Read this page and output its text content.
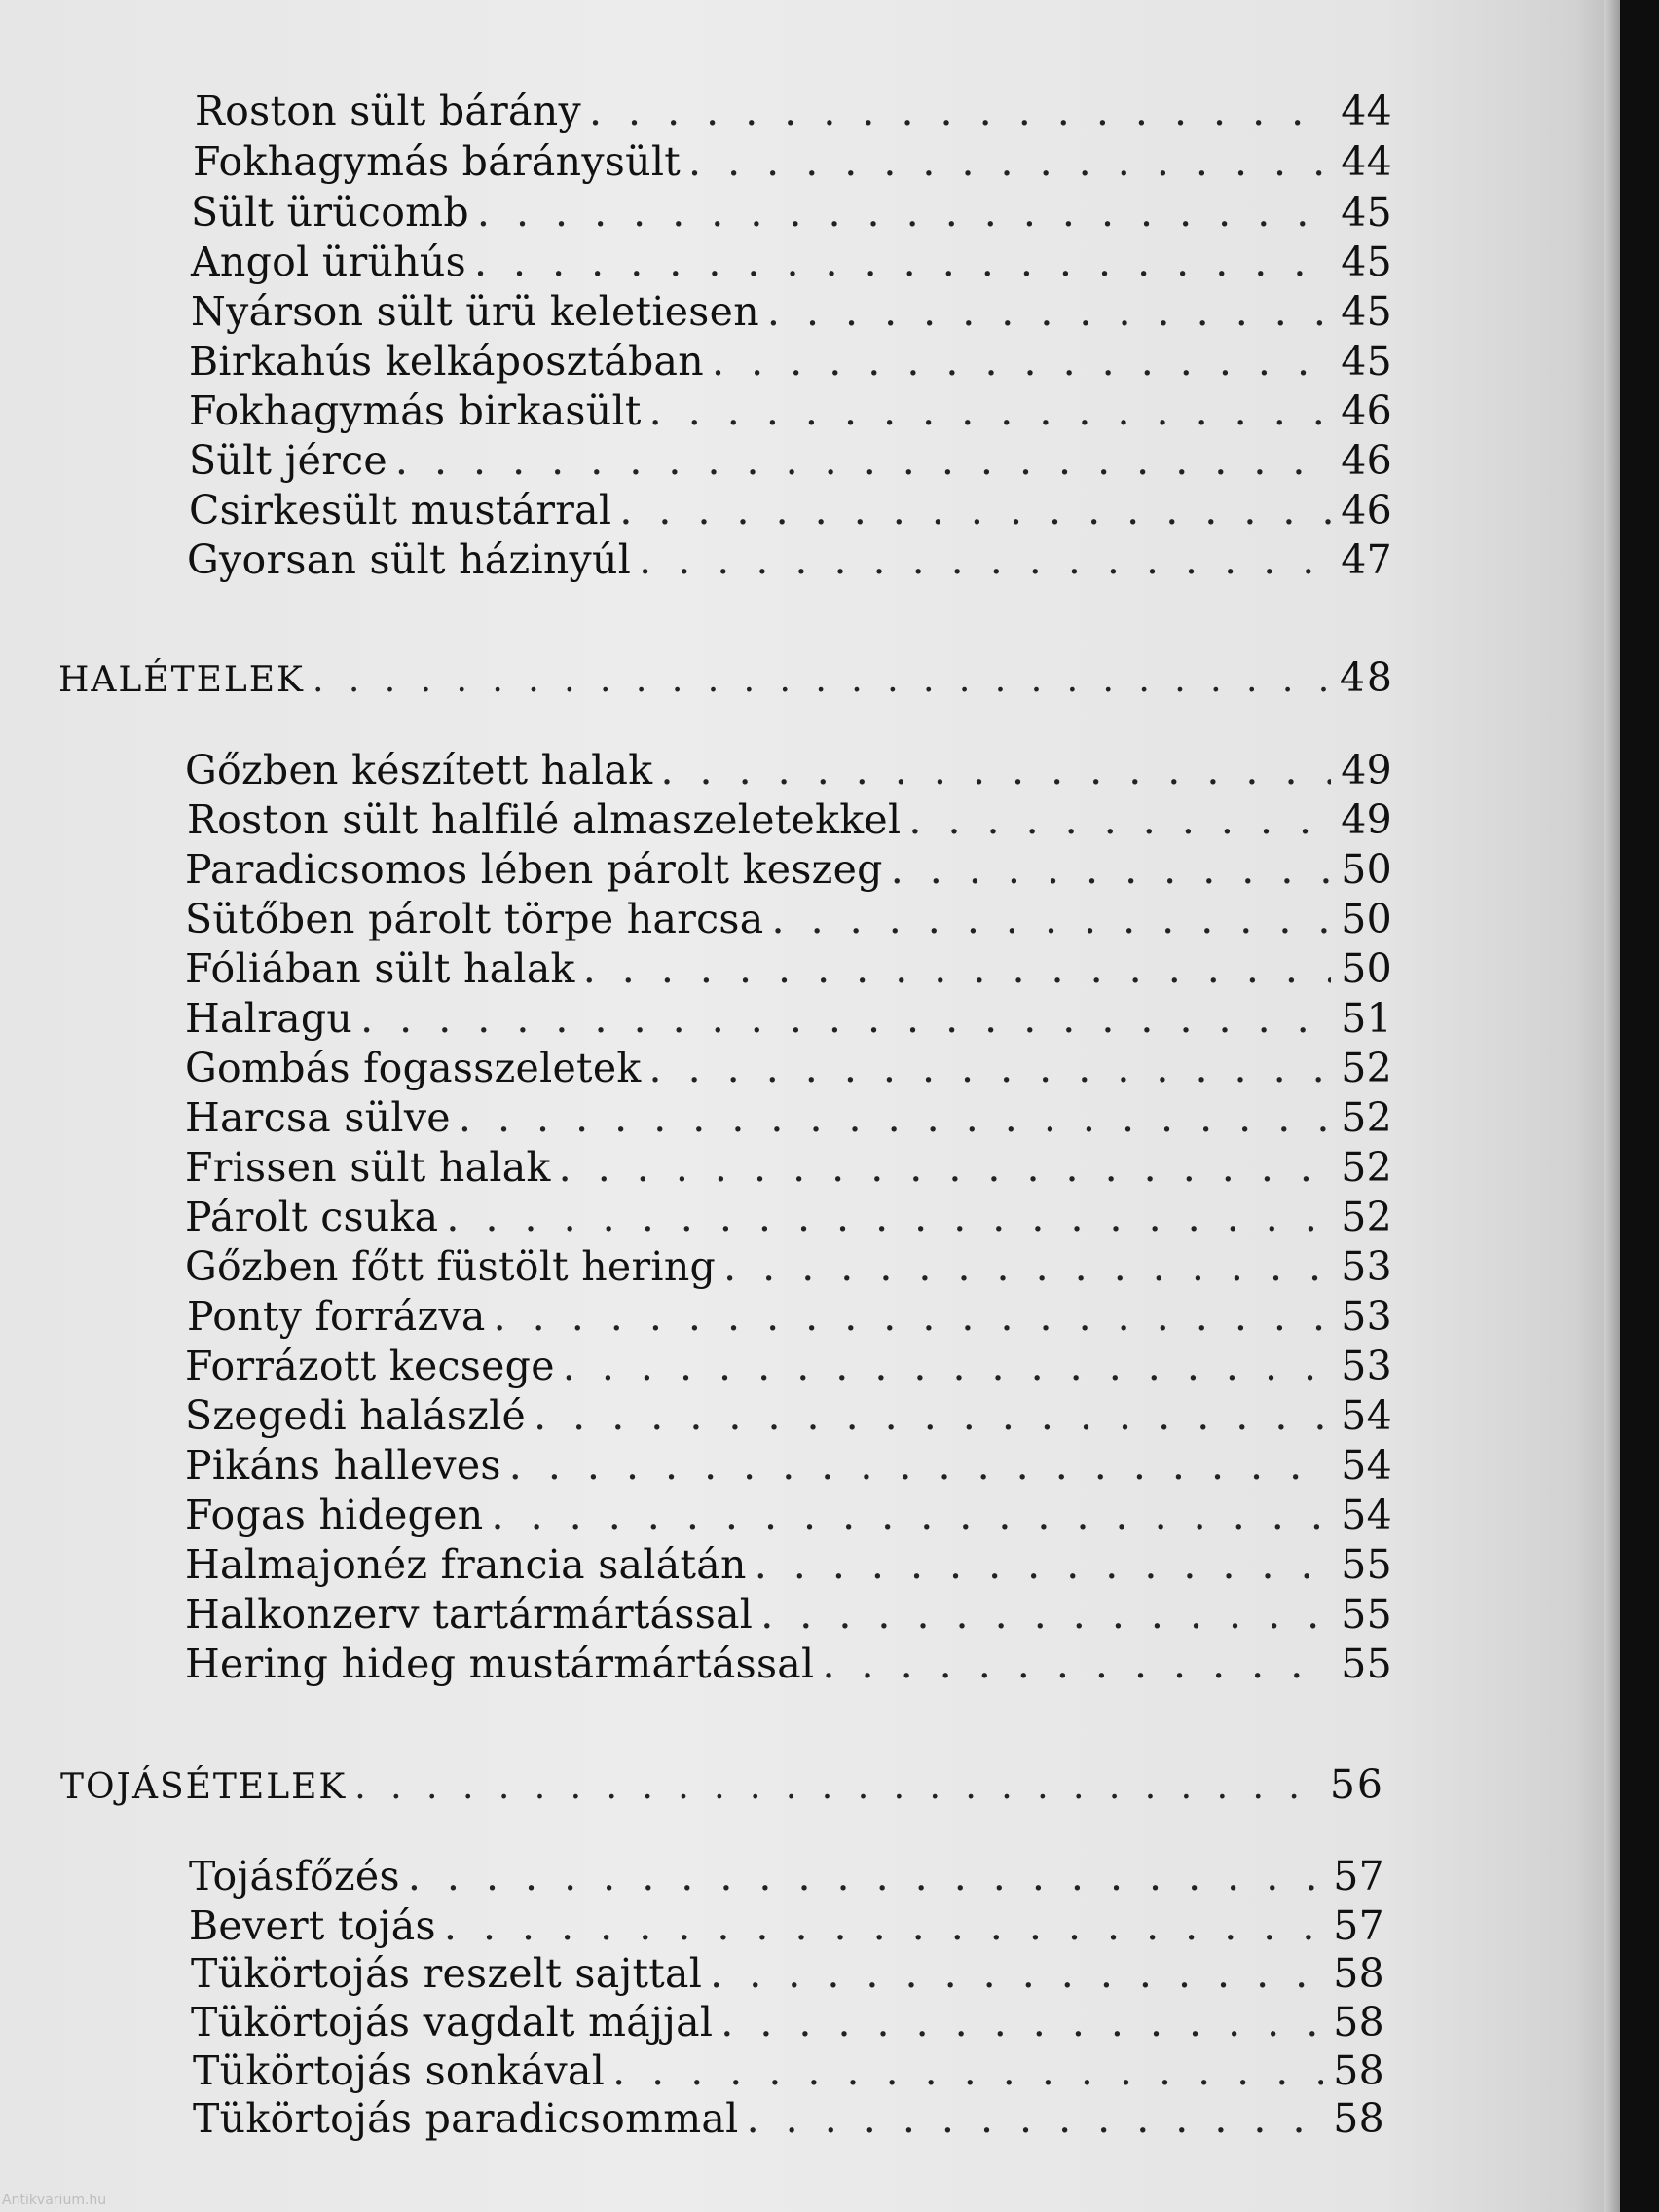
Roston sült bárány . . .	44
Fokhagymás báránysült . . .	44
Sült ürücomb . . .	45
Angol ürühús . . .	45
Nyárson sült ürü keletiesen . . .	45
Birkahús kelkáposztában . . .	45
Fokhagymás birkasült . . .	46
Sült jérce . . .	46
Csirkesült mustárral . . .	46
Gyorsan sült házinyúl . . .	47
HALÉTELEK . . .	48
Gőzben készített halak . . .	49
Roston sült halfilé almaszeletekkel . . .	49
Paradicsomos lében párolt keszeg . . .	50
Sütőben párolt törpe harcsa . . .	50
Fóliában sült halak . . .	50
Halragu . . .	51
Gombás fogasszeletek . . .	52
Harcsa sülve . . .	52
Frissen sült halak . . .	52
Párolt csuka . . .	52
Gőzben főtt füstölt hering . . .	53
Ponty forrázva . . .	53
Forrázott kecsege . . .	53
Szegedi halászlé . . .	54
Pikáns halleves . . .	54
Fogas hidegen . . .	54
Halmajonéz francia salátán . . .	55
Halkonzerv tartármártással . . .	55
Hering hideg mustármártással . . .	55
TOJÁSÉTELEK . . .	56
Tojásfőzés . . .	57
Bevert tojás . . .	57
Tükörtojás reszelt sajttal . . .	58
Tükörtojás vagdalt májjal . . .	58
Tükörtojás sonkával . . .	58
Tükörtojás paradicsommal . . .	58
Antikvarium.hu
